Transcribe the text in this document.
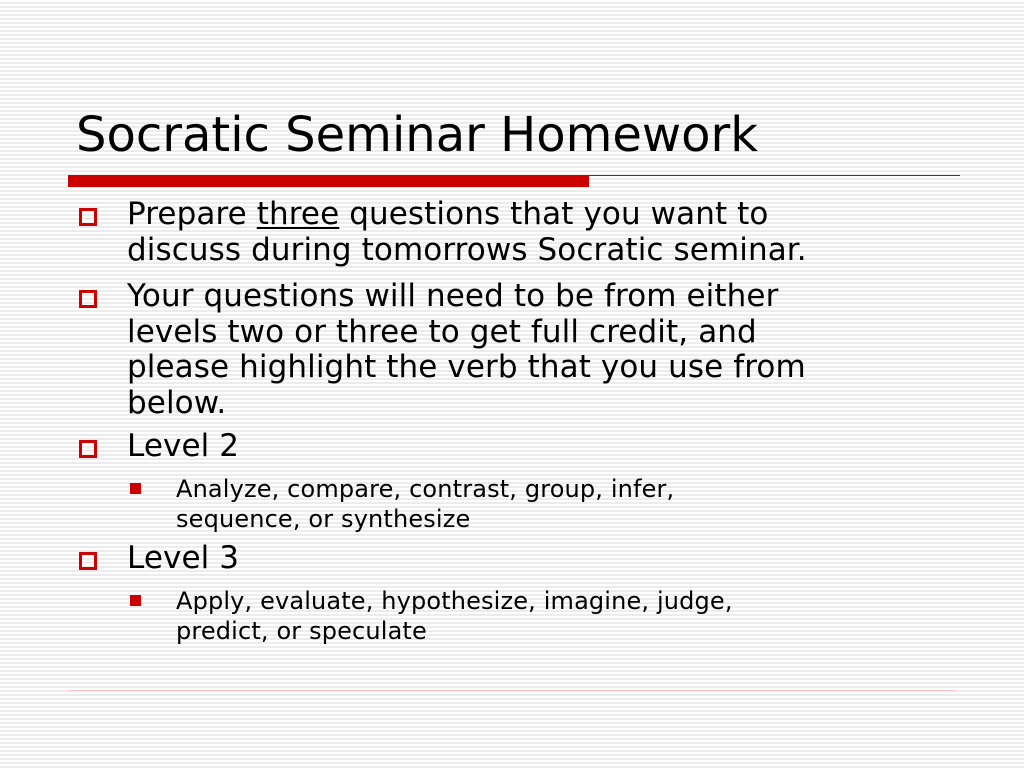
Socratic Seminar Homework
Prepare three questions that you want to
discuss during tomorrows Socratic seminar.
Your questions will need to be from either
levels two or three to get full credit, and
please highlight the verb that you use from
below.
Level 2
Analyze, compare, contrast, group, infer,
sequence, or synthesize
Level 3
Apply, evaluate, hypothesize, imagine, judge,
predict, or speculate
